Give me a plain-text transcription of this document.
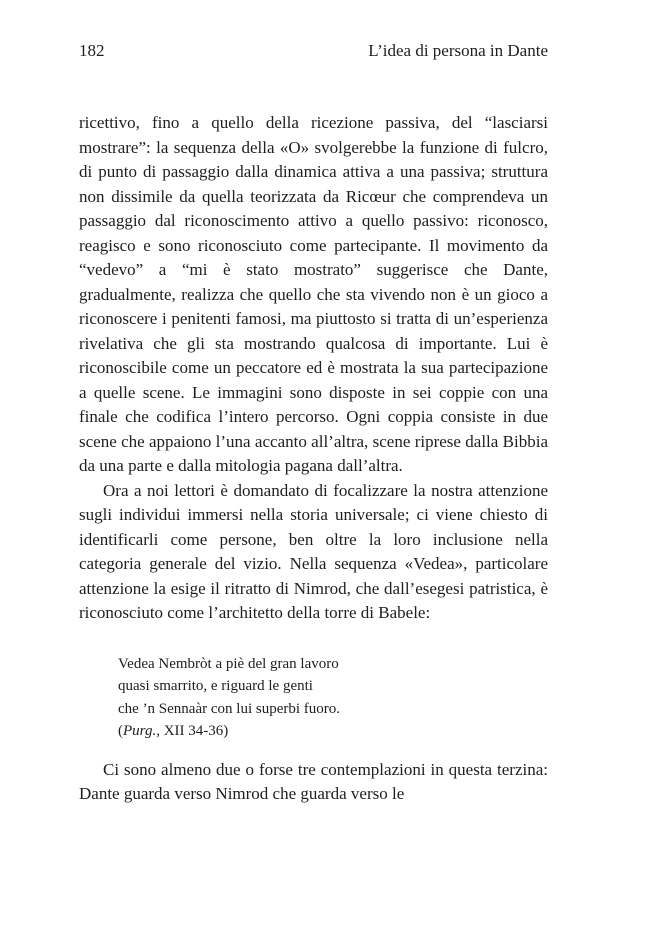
182	L’idea di persona in Dante

ricettivo, fino a quello della ricezione passiva, del “lasciarsi mostrare”: la sequenza della «O» svolgerebbe la funzione di fulcro, di punto di passaggio dalla dinamica attiva a una passiva; struttura non dissimile da quella teorizzata da Ricœur che comprendeva un passaggio dal riconoscimento attivo a quello passivo: riconosco, reagisco e sono riconosciuto come partecipante. Il movimento da “vedevo” a “mi è stato mostrato” suggerisce che Dante, gradualmente, realizza che quello che sta vivendo non è un gioco a riconoscere i penitenti famosi, ma piuttosto si tratta di un’esperienza rivelativa che gli sta mostrando qualcosa di importante. Lui è riconoscibile come un peccatore ed è mostrata la sua partecipazione a quelle scene. Le immagini sono disposte in sei coppie con una finale che codifica l’intero percorso. Ogni coppia consiste in due scene che appaiono l’una accanto all’altra, scene riprese dalla Bibbia da una parte e dalla mitologia pagana dall’altra.

Ora a noi lettori è domandato di focalizzare la nostra attenzione sugli individui immersi nella storia universale; ci viene chiesto di identificarli come persone, ben oltre la loro inclusione nella categoria generale del vizio. Nella sequenza «Vedea», particolare attenzione la esige il ritratto di Nimrod, che dall’esegesi patristica, è riconosciuto come l’architetto della torre di Babele:

Vedea Nembròt a piè del gran lavoro
quasi smarrito, e riguard le genti
che ’n Sennaàr con lui superbi fuoro.
(Purg., XII 34-36)

Ci sono almeno due o forse tre contemplazioni in questa terzina: Dante guarda verso Nimrod che guarda verso le
